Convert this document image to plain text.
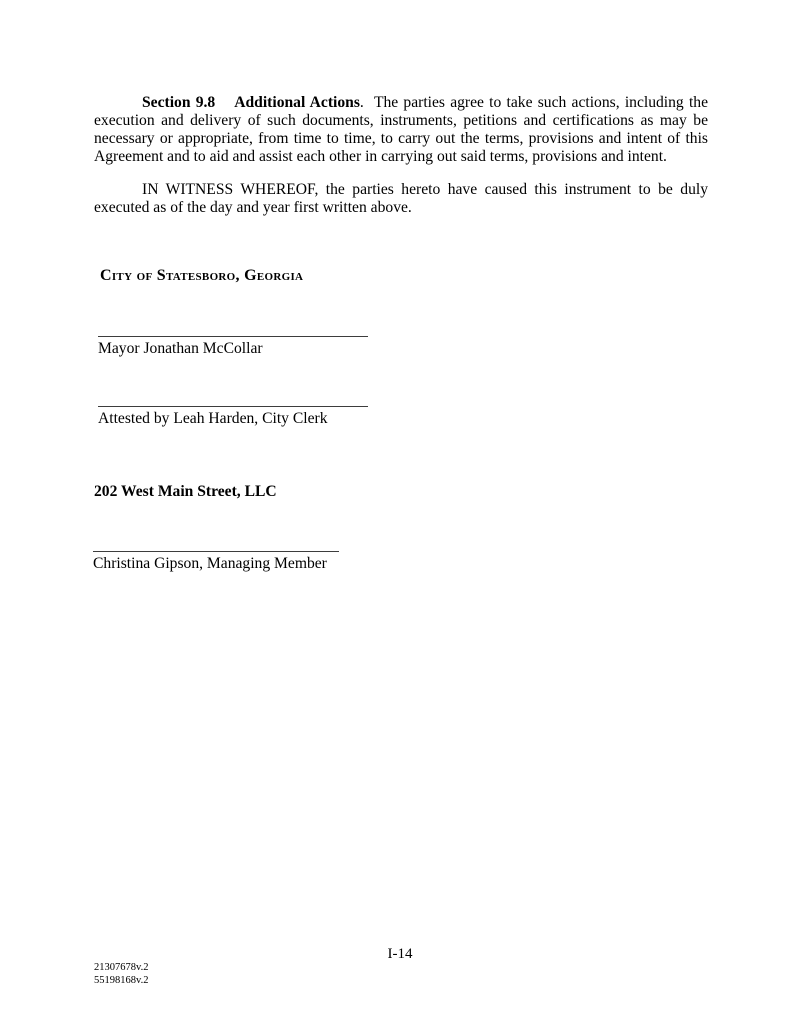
Section 9.8 Additional Actions.  The parties agree to take such actions, including the execution and delivery of such documents, instruments, petitions and certifications as may be necessary or appropriate, from time to time, to carry out the terms, provisions and intent of this Agreement and to aid and assist each other in carrying out said terms, provisions and intent.

IN WITNESS WHEREOF, the parties hereto have caused this instrument to be duly executed as of the day and year first written above.

City of Statesboro, Georgia
Mayor Jonathan McCollar
Attested by Leah Harden, City Clerk
202 West Main Street, LLC
Christina Gipson, Managing Member
I-14
21307678v.2
55198168v.2
